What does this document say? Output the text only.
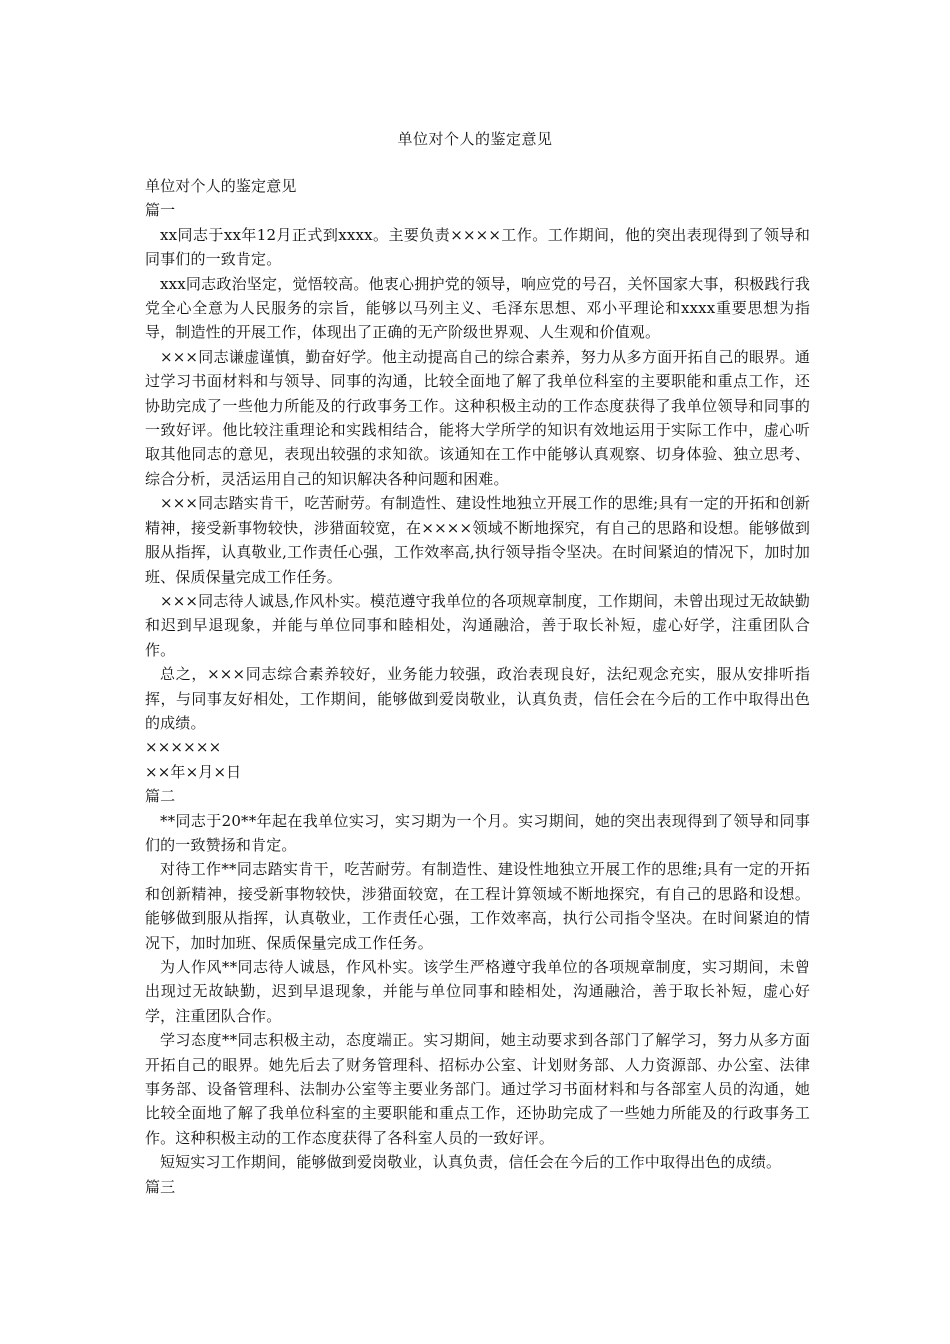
单位对个人的鉴定意见

单位对个人的鉴定意见

篇一

xx同志于xx年12月正式到xxxx。主要负责××××工作。工作期间，他的突出表现得到了领导和同事们的一致肯定。

xxx同志政治坚定，觉悟较高。他衷心拥护党的领导，响应党的号召，关怀国家大事，积极践行我党全心全意为人民服务的宗旨，能够以马列主义、毛泽东思想、邓小平理论和xxxx重要思想为指导，制造性的开展工作，体现出了正确的无产阶级世界观、人生观和价值观。

×××同志谦虚谨慎，勤奋好学。他主动提高自己的综合素养，努力从多方面开拓自己的眼界。通过学习书面材料和与领导、同事的沟通，比较全面地了解了我单位科室的主要职能和重点工作，还协助完成了一些他力所能及的行政事务工作。这种积极主动的工作态度获得了我单位领导和同事的一致好评。他比较注重理论和实践相结合，能将大学所学的知识有效地运用于实际工作中，虚心听取其他同志的意见，表现出较强的求知欲。该通知在工作中能够认真观察、切身体验、独立思考、综合分析，灵活运用自己的知识解决各种问题和困难。

×××同志踏实肯干，吃苦耐劳。有制造性、建设性地独立开展工作的思维;具有一定的开拓和创新精神，接受新事物较快，涉猎面较宽，在××××领域不断地探究，有自己的思路和设想。能够做到服从指挥，认真敬业,工作责任心强，工作效率高,执行领导指令坚决。在时间紧迫的情况下，加时加班、保质保量完成工作任务。

×××同志待人诚恳,作风朴实。模范遵守我单位的各项规章制度，工作期间，未曾出现过无故缺勤和迟到早退现象，并能与单位同事和睦相处，沟通融洽，善于取长补短，虚心好学，注重团队合作。

总之，×××同志综合素养较好，业务能力较强，政治表现良好，法纪观念充实，服从安排听指挥，与同事友好相处，工作期间，能够做到爱岗敬业，认真负责，信任会在今后的工作中取得出色的成绩。

××××××

××年×月×日

篇二

**同志于20**年起在我单位实习，实习期为一个月。实习期间，她的突出表现得到了领导和同事们的一致赞扬和肯定。

对待工作**同志踏实肯干，吃苦耐劳。有制造性、建设性地独立开展工作的思维;具有一定的开拓和创新精神，接受新事物较快，涉猎面较宽，在工程计算领域不断地探究，有自己的思路和设想。能够做到服从指挥，认真敬业，工作责任心强，工作效率高，执行公司指令坚决。在时间紧迫的情况下，加时加班、保质保量完成工作任务。

为人作风**同志待人诚恳，作风朴实。该学生严格遵守我单位的各项规章制度，实习期间，未曾出现过无故缺勤，迟到早退现象，并能与单位同事和睦相处，沟通融洽，善于取长补短，虚心好学，注重团队合作。

学习态度**同志积极主动，态度端正。实习期间，她主动要求到各部门了解学习，努力从多方面开拓自己的眼界。她先后去了财务管理科、招标办公室、计划财务部、人力资源部、办公室、法律事务部、设备管理科、法制办公室等主要业务部门。通过学习书面材料和与各部室人员的沟通，她比较全面地了解了我单位科室的主要职能和重点工作，还协助完成了一些她力所能及的行政事务工作。这种积极主动的工作态度获得了各科室人员的一致好评。

短短实习工作期间，能够做到爱岗敬业，认真负责，信任会在今后的工作中取得出色的成绩。

篇三
